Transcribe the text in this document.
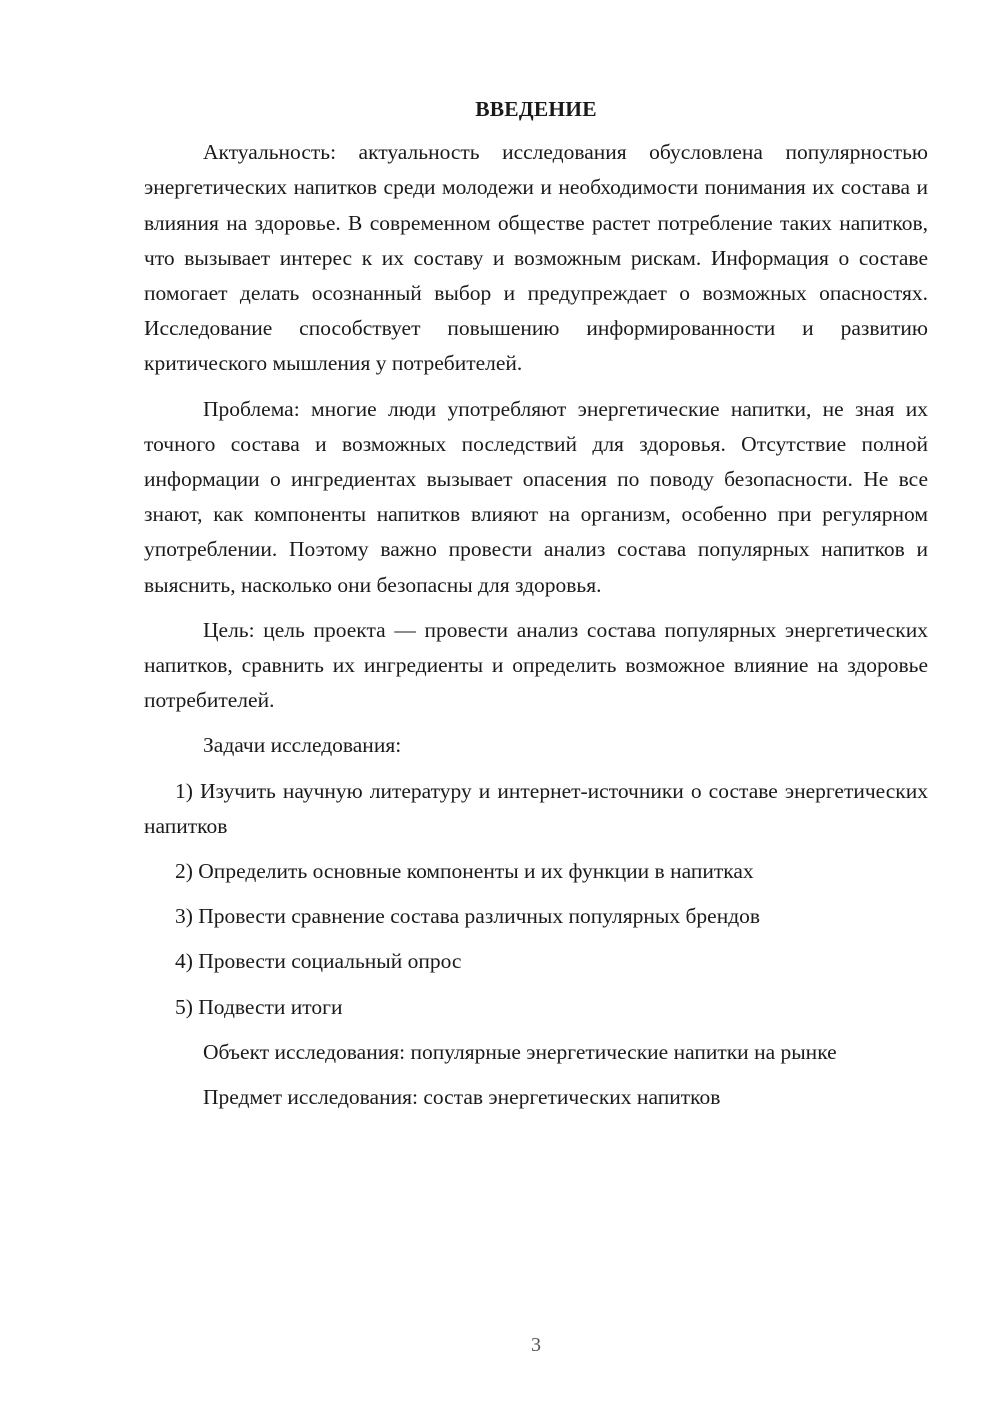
ВВЕДЕНИЕ

Актуальность: актуальность исследования обусловлена популярностью энергетических напитков среди молодежи и необходимости понимания их состава и влияния на здоровье. В современном обществе растет потребление таких напитков, что вызывает интерес к их составу и возможным рискам. Информация о составе помогает делать осознанный выбор и предупреждает о возможных опасностях. Исследование способствует повышению информированности и развитию критического мышления у потребителей.

Проблема: многие люди употребляют энергетические напитки, не зная их точного состава и возможных последствий для здоровья. Отсутствие полной информации о ингредиентах вызывает опасения по поводу безопасности. Не все знают, как компоненты напитков влияют на организм, особенно при регулярном употреблении. Поэтому важно провести анализ состава популярных напитков и выяснить, насколько они безопасны для здоровья.

Цель: цель проекта — провести анализ состава популярных энергетических напитков, сравнить их ингредиенты и определить возможное влияние на здоровье потребителей.

Задачи исследования:

1) Изучить научную литературу и интернет-источники о составе энергетических напитков

2) Определить основные компоненты и их функции в напитках

3) Провести сравнение состава различных популярных брендов

4) Провести социальный опрос

5) Подвести итоги

Объект исследования: популярные энергетические напитки на рынке

Предмет исследования: состав энергетических напитков

3
